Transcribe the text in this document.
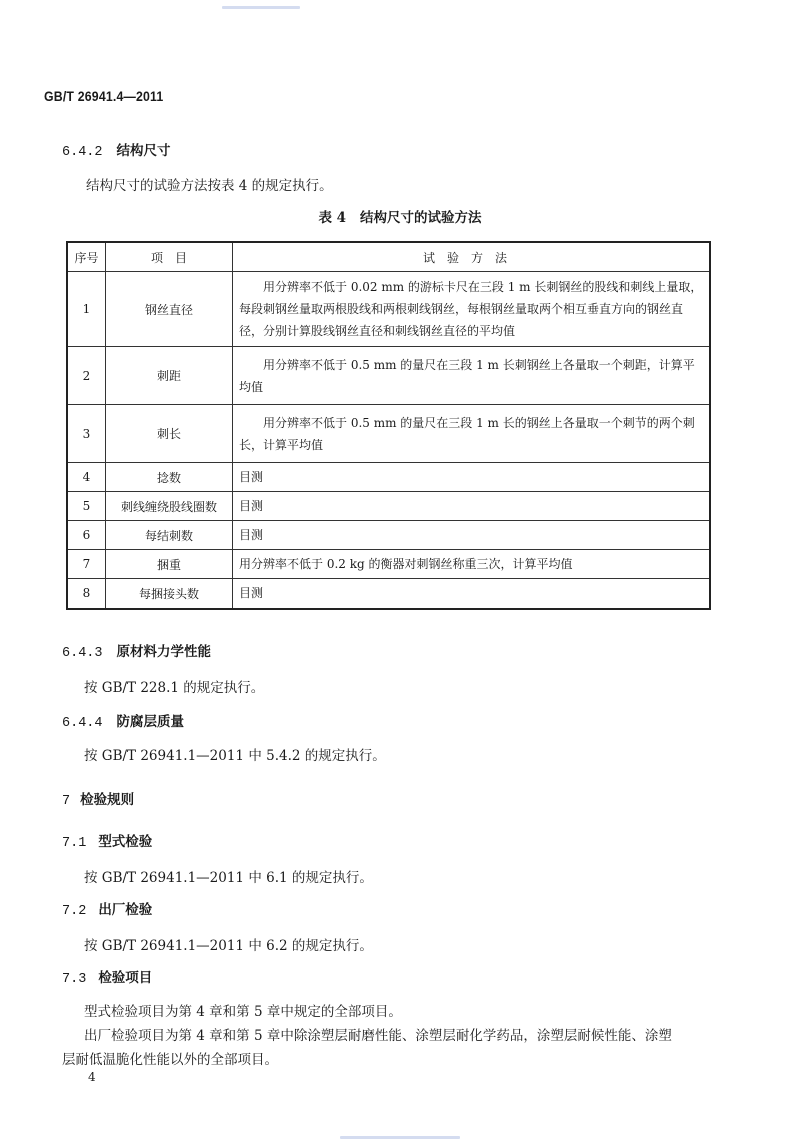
GB/T 26941.4—2011
6.4.2 结构尺寸
结构尺寸的试验方法按表 4 的规定执行。
表 4 结构尺寸的试验方法
序号	项　目	试验方法
1	钢丝直径	用分辨率不低于 0.02 mm 的游标卡尺在三段 1 m 长刺钢丝的股线和刺线上量取，每段刺钢丝量取两根股线和两根刺线钢丝，每根钢丝量取两个相互垂直方向的钢丝直径，分别计算股线钢丝直径和刺线钢丝直径的平均值
2	刺距	用分辨率不低于 0.5 mm 的量尺在三段 1 m 长刺钢丝上各量取一个刺距，计算平均值
3	刺长	用分辨率不低于 0.5 mm 的量尺在三段 1 m 长的钢丝上各量取一个刺节的两个刺长，计算平均值
4	捻数	目测
5	刺线缠绕股线圈数	目测
6	每结刺数	目测
7	捆重	用分辨率不低于 0.2 kg 的衡器对刺钢丝称重三次，计算平均值
8	每捆接头数	目测
6.4.3 原材料力学性能
按 GB/T 228.1 的规定执行。
6.4.4 防腐层质量
按 GB/T 26941.1—2011 中 5.4.2 的规定执行。
7 检验规则
7.1 型式检验
按 GB/T 26941.1—2011 中 6.1 的规定执行。
7.2 出厂检验
按 GB/T 26941.1—2011 中 6.2 的规定执行。
7.3 检验项目
型式检验项目为第 4 章和第 5 章中规定的全部项目。
出厂检验项目为第 4 章和第 5 章中除涂塑层耐磨性能、涂塑层耐化学药品，涂塑层耐候性能、涂塑
层耐低温脆化性能以外的全部项目。
4
